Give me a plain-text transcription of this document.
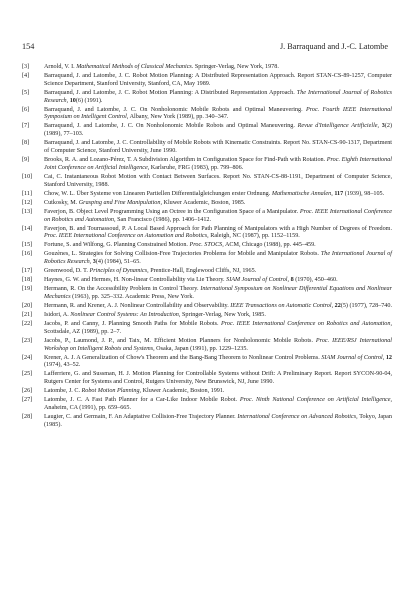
154	J. Barraquand and J.-C. Latombe
[3]	Arnold, V. I. Mathematical Methods of Classical Mechanics. Springer-Verlag, New York, 1978.
[4]	Barraquand, J. and Latombe, J. C. Robot Motion Planning: A Distributed Representation Approach. Report STAN-CS-89-1257, Computer Science Department, Stanford University, Stanford, CA, May 1989.
[5]	Barraquand, J. and Latombe, J. C. Robot Motion Planning: A Distributed Representation Approach. The International Journal of Robotics Research, 10(6) (1991).
[6]	Barraquand, J. and Latombe, J. C. On Nonholonomic Mobile Robots and Optimal Maneuvering. Proc. Fourth IEEE International Symposium on Intelligent Control, Albany, New York (1989), pp. 340–347.
[7]	Barraquand, J. and Latombe, J. C. On Nonholonomic Mobile Robots and Optimal Maneuvering. Revue d'Intelligence Artificielle, 3(2) (1989), 77–103.
[8]	Barraquand, J. and Latombe, J. C. Controllability of Mobile Robots with Kinematic Constraints. Report No. STAN-CS-90-1317, Department of Computer Science, Stanford University, June 1990.
[9]	Brooks, R. A. and Lozano-Pérez, T. A Subdivision Algorithm in Configuration Space for Find-Path with Rotation. Proc. Eighth International Joint Conference on Artificial Intelligence, Karlsruhe, FRG (1983), pp. 799–806.
[10]	Cai, C. Instantaneous Robot Motion with Contact Between Surfaces. Report No. STAN-CS-88-1191, Department of Computer Science, Stanford University, 1988.
[11]	Chow, W. L. Über Systeme von Linearen Partiellen Differentialgleichungen erster Ordnung. Mathematische Annalen, 117 (1939), 98–105.
[12]	Cutkosky, M. Grasping and Fine Manipulation, Kluwer Academic, Boston, 1985.
[13]	Faverjon, B. Object Level Programming Using an Octree in the Configuration Space of a Manipulator. Proc. IEEE International Conference on Robotics and Automation, San Francisco (1986), pp. 1406–1412.
[14]	Faverjon, B. and Tournassoud, P. A Local Based Approach for Path Planning of Manipulators with a High Number of Degrees of Freedom. Proc. IEEE International Conference on Automation and Robotics, Raleigh, NC (1987), pp. 1152–1159.
[15]	Fortune, S. and Wilfong, G. Planning Constrained Motion. Proc. STOCS, ACM, Chicago (1988), pp. 445–459.
[16]	Gouzènes, L. Strategies for Solving Collision-Free Trajectories Problems for Mobile and Manipulator Robots. The International Journal of Robotics Research, 3(4) (1984), 51–65.
[17]	Greenwood, D. T. Principles of Dynamics, Prentice-Hall, Englewood Cliffs, NJ, 1965.
[18]	Haynes, G. W. and Hermes, H. Non-linear Controllability via Lie Theory. SIAM Journal of Control, 8 (1970), 450–460.
[19]	Hermann, R. On the Accessibility Problem in Control Theory. International Symposium on Nonlinear Differential Equations and Nonlinear Mechanics (1963), pp. 325–332. Academic Press, New York.
[20]	Hermann, R. and Krener, A. J. Nonlinear Controllability and Observability. IEEE Transactions on Automatic Control, 22(5) (1977), 728–740.
[21]	Isidori, A. Nonlinear Control Systems: An Introduction, Springer-Verlag, New York, 1985.
[22]	Jacobs, P. and Canny, J. Planning Smooth Paths for Mobile Robots. Proc. IEEE International Conference on Robotics and Automation, Scottsdale, AZ (1989), pp. 2–7.
[23]	Jacobs, P., Laumond, J. P., and Taix, M. Efficient Motion Planners for Nonholonomic Mobile Robots. Proc. IEEE/RSJ International Workshop on Intelligent Robots and Systems, Osaka, Japan (1991), pp. 1229–1235.
[24]	Krener, A. J. A Generalization of Chow's Theorem and the Bang-Bang Theorem to Nonlinear Control Problems. SIAM Journal of Control, 12 (1974), 43–52.
[25]	Lafferriere, G. and Sussman, H. J. Motion Planning for Controllable Systems without Drift: A Preliminary Report. Report SYCON-90-04, Rutgers Center for Systems and Control, Rutgers University, New Brunswick, NJ, June 1990.
[26]	Latombe, J. C. Robot Motion Planning, Kluwer Academic, Boston, 1991.
[27]	Latombe, J. C. A Fast Path Planner for a Car-Like Indoor Mobile Robot. Proc. Ninth National Conference on Artificial Intelligence, Anaheim, CA (1991), pp. 659–665.
[28]	Laugier, C. and Germain, F. An Adaptative Collision-Free Trajectory Planner. International Conference on Advanced Robotics, Tokyo, Japan (1985).
